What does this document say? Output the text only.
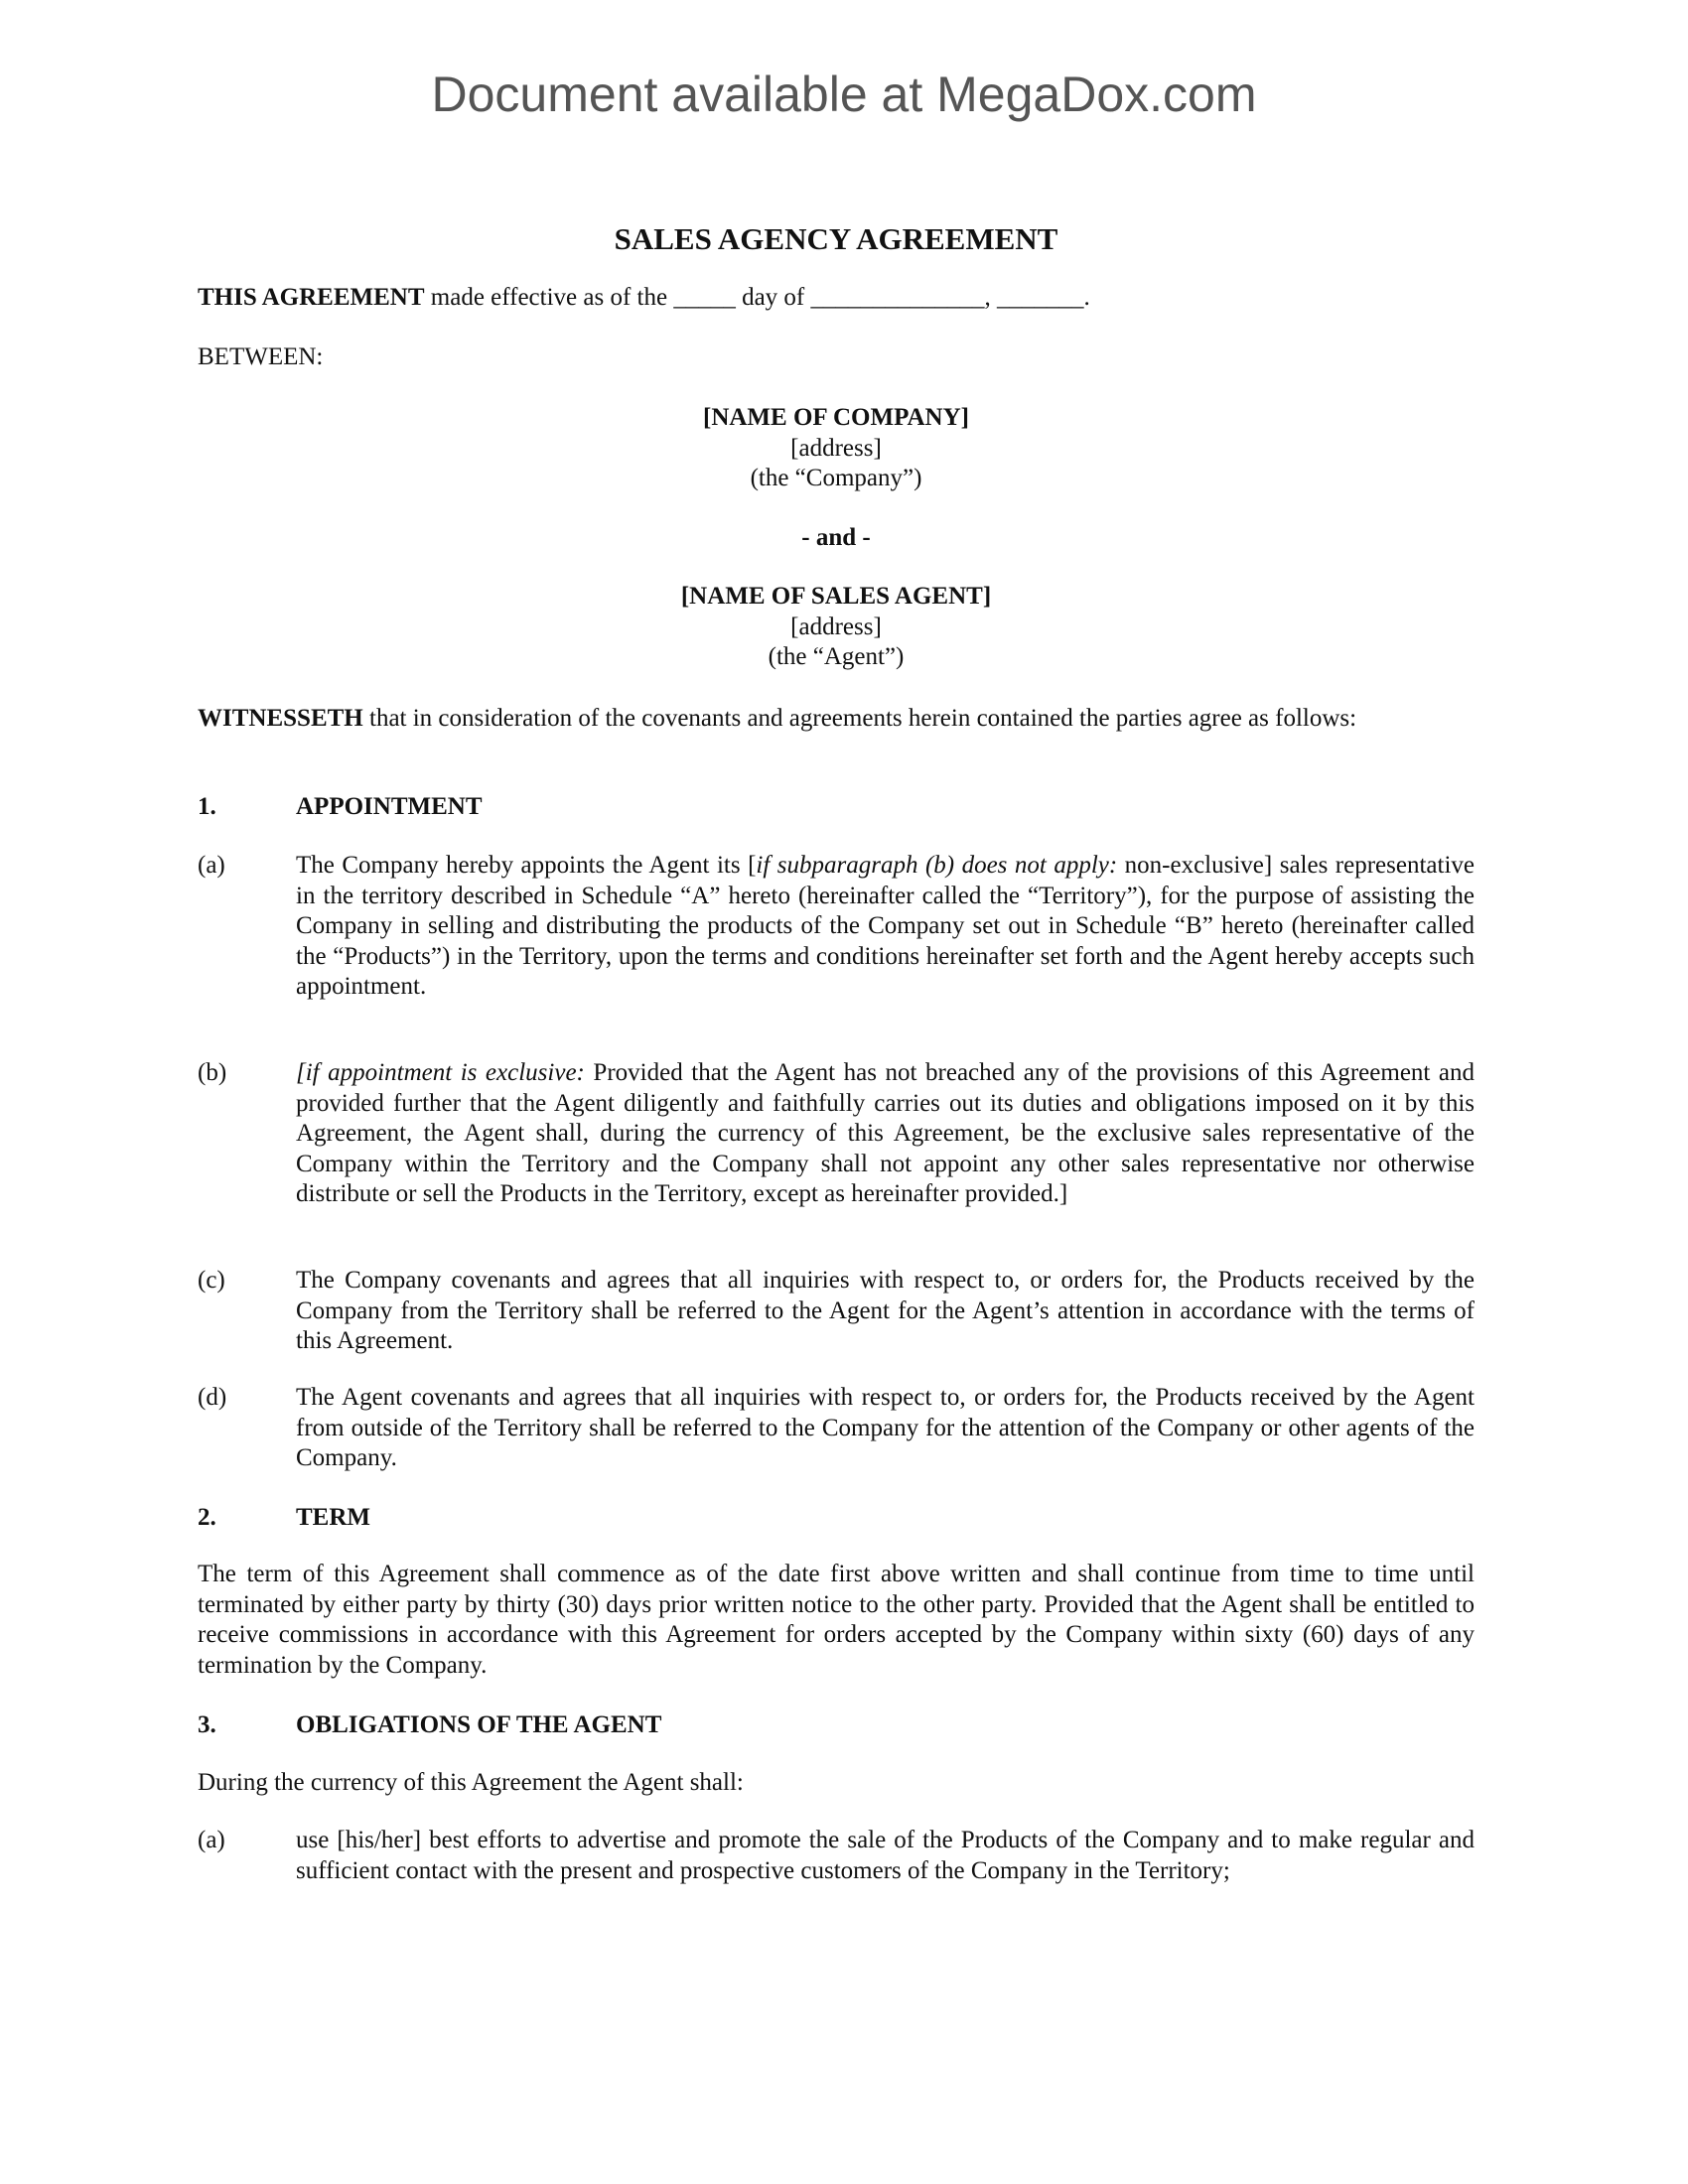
Document available at MegaDox.com
SALES AGENCY AGREEMENT
THIS AGREEMENT made effective as of the _____ day of ______________, _______.
BETWEEN:
[NAME OF COMPANY]
[address]
(the “Company”)
- and -
[NAME OF SALES AGENT]
[address]
(the “Agent”)
WITNESSETH that in consideration of the covenants and agreements herein contained the parties agree as follows:
1.	APPOINTMENT
(a)	The Company hereby appoints the Agent its [if subparagraph (b) does not apply: non-exclusive] sales representative in the territory described in Schedule “A” hereto (hereinafter called the “Territory”), for the purpose of assisting the Company in selling and distributing the products of the Company set out in Schedule “B” hereto (hereinafter called the “Products”) in the Territory, upon the terms and conditions hereinafter set forth and the Agent hereby accepts such appointment.
(b)	[if appointment is exclusive: Provided that the Agent has not breached any of the provisions of this Agreement and provided further that the Agent diligently and faithfully carries out its duties and obligations imposed on it by this Agreement, the Agent shall, during the currency of this Agreement, be the exclusive sales representative of the Company within the Territory and the Company shall not appoint any other sales representative nor otherwise distribute or sell the Products in the Territory, except as hereinafter provided.]
(c)	The Company covenants and agrees that all inquiries with respect to, or orders for, the Products received by the Company from the Territory shall be referred to the Agent for the Agent’s attention in accordance with the terms of this Agreement.
(d)	The Agent covenants and agrees that all inquiries with respect to, or orders for, the Products received by the Agent from outside of the Territory shall be referred to the Company for the attention of the Company or other agents of the Company.
2.	TERM
The term of this Agreement shall commence as of the date first above written and shall continue from time to time until terminated by either party by thirty (30) days prior written notice to the other party. Provided that the Agent shall be entitled to receive commissions in accordance with this Agreement for orders accepted by the Company within sixty (60) days of any termination by the Company.
3.	OBLIGATIONS OF THE AGENT
During the currency of this Agreement the Agent shall:
(a)	use [his/her] best efforts to advertise and promote the sale of the Products of the Company and to make regular and sufficient contact with the present and prospective customers of the Company in the Territory;
